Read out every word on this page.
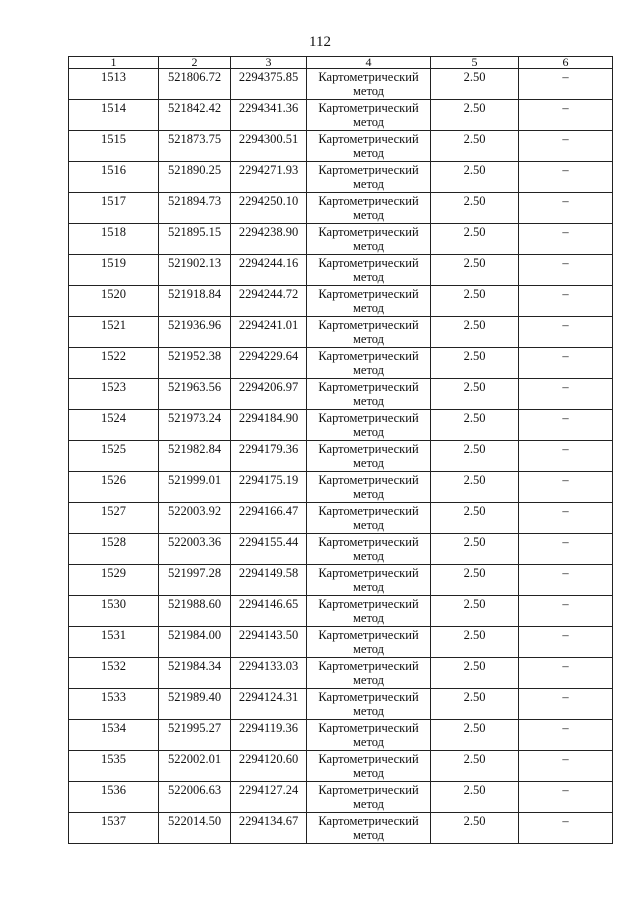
112
1	2	3	4	5	6
1513	521806.72	2294375.85	Картометрический метод	2.50	–
1514	521842.42	2294341.36	Картометрический метод	2.50	–
1515	521873.75	2294300.51	Картометрический метод	2.50	–
1516	521890.25	2294271.93	Картометрический метод	2.50	–
1517	521894.73	2294250.10	Картометрический метод	2.50	–
1518	521895.15	2294238.90	Картометрический метод	2.50	–
1519	521902.13	2294244.16	Картометрический метод	2.50	–
1520	521918.84	2294244.72	Картометрический метод	2.50	–
1521	521936.96	2294241.01	Картометрический метод	2.50	–
1522	521952.38	2294229.64	Картометрический метод	2.50	–
1523	521963.56	2294206.97	Картометрический метод	2.50	–
1524	521973.24	2294184.90	Картометрический метод	2.50	–
1525	521982.84	2294179.36	Картометрический метод	2.50	–
1526	521999.01	2294175.19	Картометрический метод	2.50	–
1527	522003.92	2294166.47	Картометрический метод	2.50	–
1528	522003.36	2294155.44	Картометрический метод	2.50	–
1529	521997.28	2294149.58	Картометрический метод	2.50	–
1530	521988.60	2294146.65	Картометрический метод	2.50	–
1531	521984.00	2294143.50	Картометрический метод	2.50	–
1532	521984.34	2294133.03	Картометрический метод	2.50	–
1533	521989.40	2294124.31	Картометрический метод	2.50	–
1534	521995.27	2294119.36	Картометрический метод	2.50	–
1535	522002.01	2294120.60	Картометрический метод	2.50	–
1536	522006.63	2294127.24	Картометрический метод	2.50	–
1537	522014.50	2294134.67	Картометрический метод	2.50	–
